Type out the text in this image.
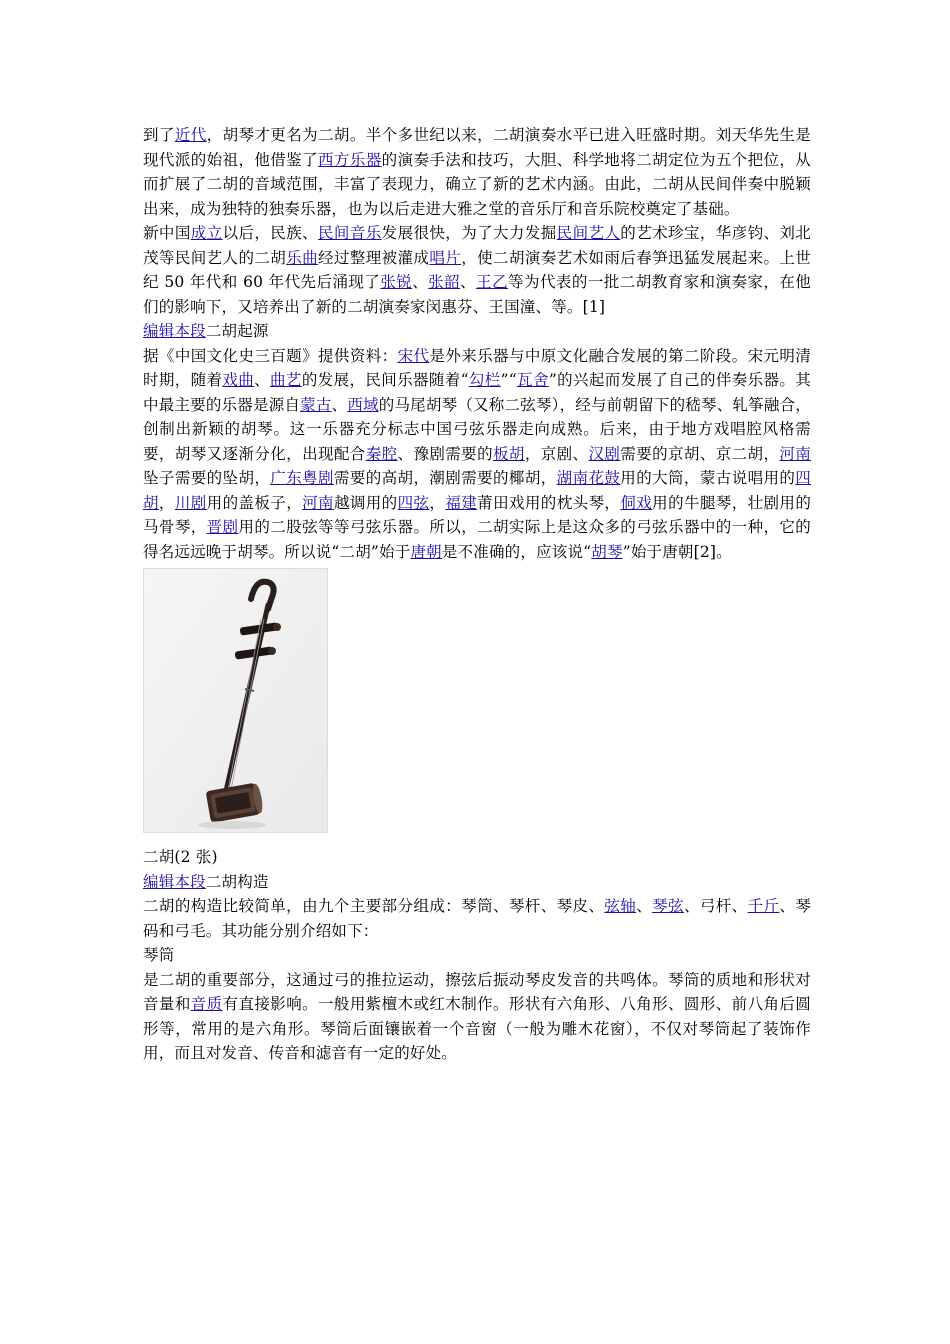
到了近代，胡琴才更名为二胡。半个多世纪以来，二胡演奏水平已进入旺盛时期。刘天华先生是现代派的始祖，他借鉴了西方乐器的演奏手法和技巧，大胆、科学地将二胡定位为五个把位，从而扩展了二胡的音域范围，丰富了表现力，确立了新的艺术内涵。由此，二胡从民间伴奏中脱颖出来，成为独特的独奏乐器，也为以后走进大雅之堂的音乐厅和音乐院校奠定了基础。

新中国成立以后，民族、民间音乐发展很快，为了大力发掘民间艺人的艺术珍宝，华彦钧、刘北茂等民间艺人的二胡乐曲经过整理被灌成唱片，使二胡演奏艺术如雨后春笋迅猛发展起来。上世纪 50 年代和 60 年代先后涌现了张锐、张韶、王乙等为代表的一批二胡教育家和演奏家，在他们的影响下，又培养出了新的二胡演奏家闵惠芬、王国潼、等。[1]

编辑本段二胡起源

据《中国文化史三百题》提供资料：宋代是外来乐器与中原文化融合发展的第二阶段。宋元明清时期，随着戏曲、曲艺的发展，民间乐器随着“勾栏”“瓦舍”的兴起而发展了自己的伴奏乐器。其中最主要的乐器是源自蒙古、西域的马尾胡琴（又称二弦琴），经与前朝留下的嵇琴、轧筝融合，创制出新颖的胡琴。这一乐器充分标志中国弓弦乐器走向成熟。后来，由于地方戏唱腔风格需要，胡琴又逐渐分化，出现配合秦腔、豫剧需要的板胡，京剧、汉剧需要的京胡、京二胡，河南坠子需要的坠胡，广东粤剧需要的高胡，潮剧需要的椰胡，湖南花鼓用的大筒，蒙古说唱用的四胡，川剧用的盖板子，河南越调用的四弦，福建莆田戏用的枕头琴，侗戏用的牛腿琴，壮剧用的马骨琴，晋剧用的二股弦等等弓弦乐器。所以，二胡实际上是这众多的弓弦乐器中的一种，它的得名远远晚于胡琴。所以说“二胡”始于唐朝是不准确的，应该说“胡琴”始于唐朝[2]。

二胡(2 张)

编辑本段二胡构造

二胡的构造比较简单，由九个主要部分组成：琴筒、琴杆、琴皮、弦轴、琴弦、弓杆、千斤、琴码和弓毛。其功能分别介绍如下：

琴筒

是二胡的重要部分，这通过弓的推拉运动，擦弦后振动琴皮发音的共鸣体。琴筒的质地和形状对音量和音质有直接影响。一般用紫檀木或红木制作。形状有六角形、八角形、圆形、前八角后圆形等，常用的是六角形。琴筒后面镶嵌着一个音窗（一般为雕木花窗），不仅对琴筒起了装饰作用，而且对发音、传音和滤音有一定的好处。
